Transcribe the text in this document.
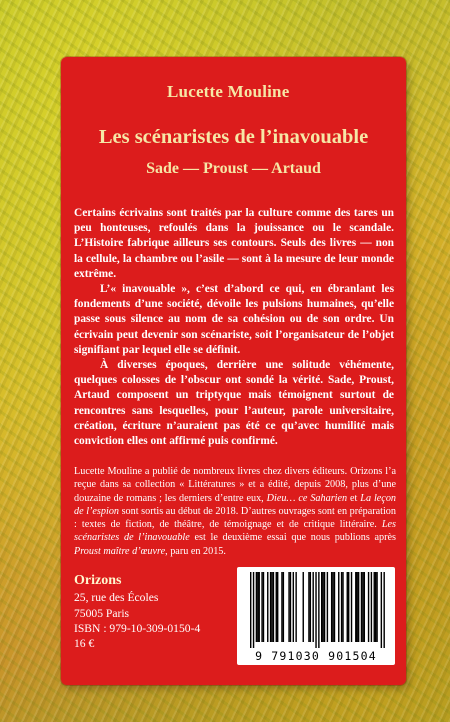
Lucette Mouline
Les scénaristes de l’inavouable
Sade — Proust — Artaud

Certains écrivains sont traités par la culture comme des tares un peu honteuses, refoulés dans la jouissance ou le scandale. L’Histoire fabrique ailleurs ses contours. Seuls des livres — non la cellule, la chambre ou l’asile — sont à la mesure de leur monde extrême.

L’« inavouable », c’est d’abord ce qui, en ébranlant les fondements d’une société, dévoile les pulsions humaines, qu’elle passe sous silence au nom de sa cohésion ou de son ordre. Un écrivain peut devenir son scénariste, soit l’organisateur de l’objet signifiant par lequel elle se définit.

À diverses époques, derrière une solitude véhémente, quelques colosses de l’obscur ont sondé la vérité. Sade, Proust, Artaud composent un triptyque mais témoignent surtout de rencontres sans lesquelles, pour l’auteur, parole universitaire, création, écriture n’auraient pas été ce qu’avec humilité mais conviction elles ont affirmé puis confirmé.

Lucette Mouline a publié de nombreux livres chez divers éditeurs. Orizons l’a reçue dans sa collection « Littératures » et a édité, depuis 2008, plus d’une douzaine de romans ; les derniers d’entre eux, Dieu… ce Saharien et La leçon de l’espion sont sortis au début de 2018. D’autres ouvrages sont en préparation : textes de fiction, de théâtre, de témoignage et de critique littéraire. Les scénaristes de l’inavouable est le deuxième essai que nous publions après Proust maître d’œuvre, paru en 2015.
Orizons
25, rue des Écoles
75005 Paris
ISBN : 979-10-309-0150-4
16 €
9 791030 901504
